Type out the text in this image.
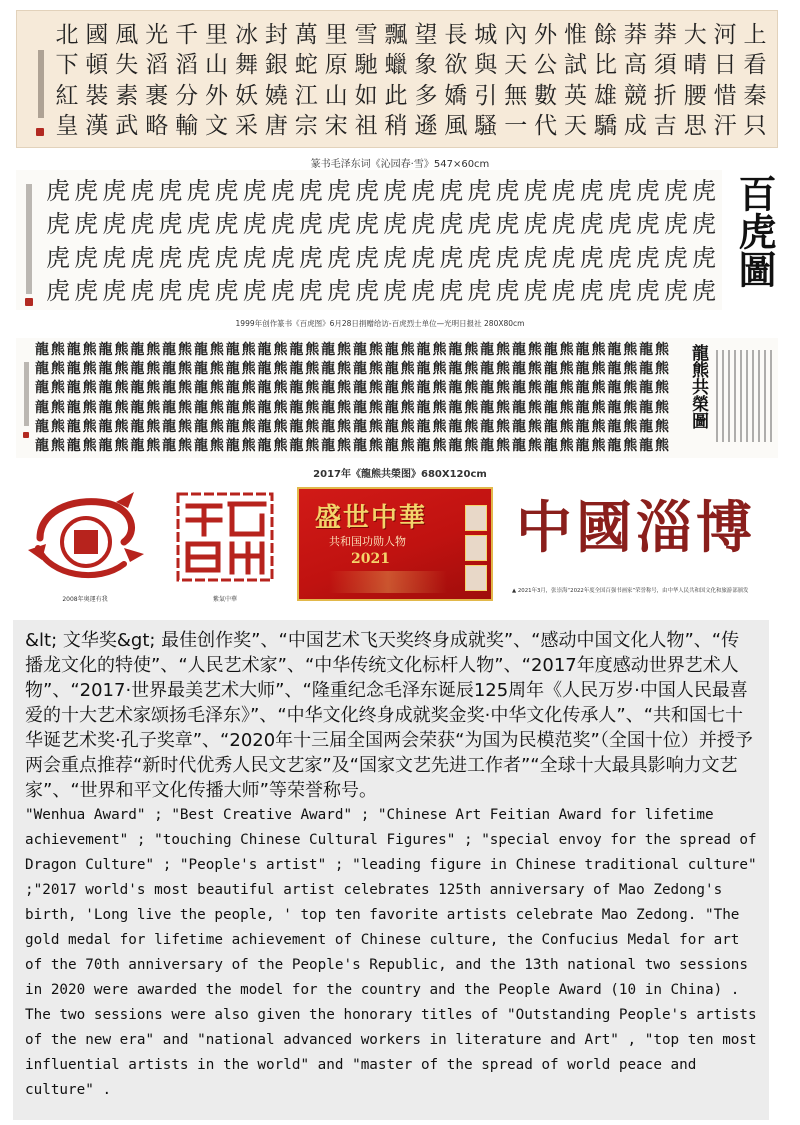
北 國 風 光 千 里 冰 封 萬 里 雪 飄 望 長 城 內 外 惟 餘 莽 莽 大 河 上
下 頓 失 滔 滔 山 舞 銀 蛇 原 馳 蠟 象 欲 與 天 公 試 比 高 須 晴 日 看
紅 裝 素 裹 分 外 妖 嬈 江 山 如 此 多 嬌 引 無 數 英 雄 競 折 腰 惜 秦
皇 漢 武 略 輸 文 采 唐 宗 宋 祖 稍 遜 風 騷 一 代 天 驕 成 吉 思 汗 只
篆书毛泽东词《沁园春·雪》547×60cm
虎 虎 虎 虎 虎 虎 虎 虎 虎 虎 虎 虎 虎 虎 虎 虎 虎 虎 虎 虎 虎 虎 虎 虎
虎 虎 虎 虎 虎 虎 虎 虎 虎 虎 虎 虎 虎 虎 虎 虎 虎 虎 虎 虎 虎 虎 虎 虎
虎 虎 虎 虎 虎 虎 虎 虎 虎 虎 虎 虎 虎 虎 虎 虎 虎 虎 虎 虎 虎 虎 虎 虎
虎 虎 虎 虎 虎 虎 虎 虎 虎 虎 虎 虎 虎 虎 虎 虎 虎 虎 虎 虎 虎 虎 虎 虎
百虎圖
1999年创作篆书《百虎图》6月28日捐赠给访-百虎烈士单位—光明日报社 280X80cm
龍 熊 龍 熊 龍 熊 龍 熊 龍 熊 龍 熊 龍 熊 龍 熊 龍 熊 龍 熊 龍 熊 龍 熊 龍 熊 龍 熊 龍 熊 龍 熊 龍 熊 龍 熊 龍 熊 龍 熊
龍 熊 龍 熊 龍 熊 龍 熊 龍 熊 龍 熊 龍 熊 龍 熊 龍 熊 龍 熊 龍 熊 龍 熊 龍 熊 龍 熊 龍 熊 龍 熊 龍 熊 龍 熊 龍 熊 龍 熊
龍 熊 龍 熊 龍 熊 龍 熊 龍 熊 龍 熊 龍 熊 龍 熊 龍 熊 龍 熊 龍 熊 龍 熊 龍 熊 龍 熊 龍 熊 龍 熊 龍 熊 龍 熊 龍 熊 龍 熊
龍 熊 龍 熊 龍 熊 龍 熊 龍 熊 龍 熊 龍 熊 龍 熊 龍 熊 龍 熊 龍 熊 龍 熊 龍 熊 龍 熊 龍 熊 龍 熊 龍 熊 龍 熊 龍 熊 龍 熊
龍 熊 龍 熊 龍 熊 龍 熊 龍 熊 龍 熊 龍 熊 龍 熊 龍 熊 龍 熊 龍 熊 龍 熊 龍 熊 龍 熊 龍 熊 龍 熊 龍 熊 龍 熊 龍 熊 龍 熊
龍 熊 龍 熊 龍 熊 龍 熊 龍 熊 龍 熊 龍 熊 龍 熊 龍 熊 龍 熊 龍 熊 龍 熊 龍 熊 龍 熊 龍 熊 龍 熊 龍 熊 龍 熊 龍 熊 龍 熊
龍熊共榮圖
2017年《龍熊共榮图》680X120cm
2008年奥運有我	紫氣中華
盛世中華
共和国功勋人物
2021 中國淄博
▲ 2021年3月，张崇海“2022年度全国百强书画家”荣誉称号，由中华人民共和国文化和旅游部颁发
&lt; 文华奖&gt; 最佳创作奖”、“中国艺术飞天奖终身成就奖”、“感动中国文化人物”、“传播龙文化的特使”、“人民艺术家”、“中华传统文化标杆人物”、“2017年度感动世界艺术人物”、“2017·世界最美艺术大师”、“隆重纪念毛泽东诞辰125周年《人民万岁·中国人民最喜爱的十大艺术家颂扬毛泽东》”、“中华文化终身成就奖金奖·中华文化传承人”、“共和国七十华诞艺术奖·孔子奖章”、“2020年十三届全国两会荣获“为国为民模范奖”（全国十位）并授予两会重点推荐“新时代优秀人民文艺家”及“国家文艺先进工作者”“全球十大最具影响力文艺家”、“世界和平文化传播大师”等荣誉称号。
"Wenhua Award" ; "Best Creative Award" ; "Chinese Art Feitian Award for lifetime achievement" ; "touching Chinese Cultural Figures" ; "special envoy for the spread of Dragon Culture" ; "People's artist" ; "leading figure in Chinese traditional culture" ;"2017 world's most beautiful artist celebrates 125th anniversary of Mao Zedong's birth, 'Long live the people, ' top ten favorite artists celebrate Mao Zedong. "The gold medal for lifetime achievement of Chinese culture, the Confucius Medal for art of the 70th anniversary of the People's Republic, and the 13th national two sessions in 2020 were awarded the model for the country and the People Award (10 in China) . The two sessions were also given the honorary titles of "Outstanding People's artists of the new era" and "national advanced workers in literature and Art" , "top ten most influential artists in the world" and "master of the spread of world peace and culture" .
